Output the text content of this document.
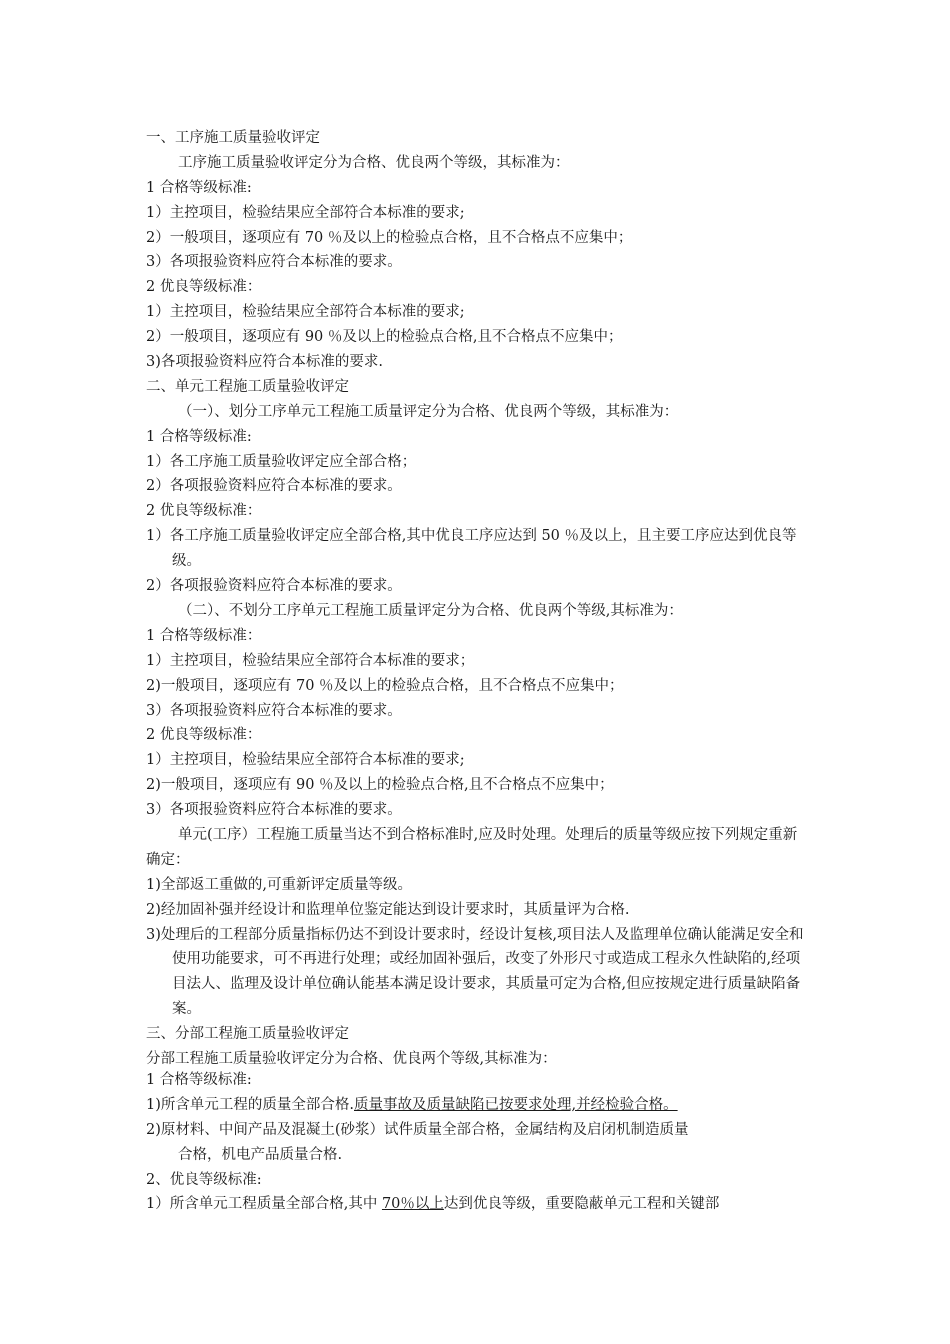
一、工序施工质量验收评定
工序施工质量验收评定分为合格、优良两个等级，其标准为：
1 合格等级标准:
1）主控项目，检验结果应全部符合本标准的要求;
2）一般项目，逐项应有 70 ％及以上的检验点合格，且不合格点不应集中；
3）各项报验资料应符合本标准的要求。
2 优良等级标准：
1）主控项目，检验结果应全部符合本标准的要求;
2）一般项目，逐项应有 90 ％及以上的检验点合格,且不合格点不应集中；
3)各项报验资料应符合本标准的要求.
二、单元工程施工质量验收评定
（一）、划分工序单元工程施工质量评定分为合格、优良两个等级，其标准为：
1 合格等级标准:
1）各工序施工质量验收评定应全部合格；
2）各项报验资料应符合本标准的要求。
2 优良等级标准：
1）各工序施工质量验收评定应全部合格,其中优良工序应达到 50 ％及以上，且主要工序应达到优良等级。
2）各项报验资料应符合本标准的要求。
（二）、不划分工序单元工程施工质量评定分为合格、优良两个等级,其标准为：
1 合格等级标准：
1）主控项目，检验结果应全部符合本标准的要求；
2)一般项目，逐项应有 70 ％及以上的检验点合格，且不合格点不应集中；
3）各项报验资料应符合本标准的要求。
2 优良等级标准：
1）主控项目，检验结果应全部符合本标准的要求;
2)一般项目，逐项应有 90 ％及以上的检验点合格,且不合格点不应集中；
3）各项报验资料应符合本标准的要求。
单元(工序）工程施工质量当达不到合格标准时,应及时处理。处理后的质量等级应按下列规定重新确定：
1)全部返工重做的,可重新评定质量等级。
2)经加固补强并经设计和监理单位鉴定能达到设计要求时，其质量评为合格.
3)处理后的工程部分质量指标仍达不到设计要求时，经设计复核,项目法人及监理单位确认能满足安全和使用功能要求，可不再进行处理；或经加固补强后，改变了外形尺寸或造成工程永久性缺陷的,经项目法人、监理及设计单位确认能基本满足设计要求，其质量可定为合格,但应按规定进行质量缺陷备案。
三、分部工程施工质量验收评定
分部工程施工质量验收评定分为合格、优良两个等级,其标准为：
1 合格等级标准:
1)所含单元工程的质量全部合格.质量事故及质量缺陷已按要求处理,并经检验合格。
2)原材料、中间产品及混凝土(砂浆）试件质量全部合格，金属结构及启闭机制造质量
合格，机电产品质量合格.
2、优良等级标准:
1）所含单元工程质量全部合格,其中 70％以上达到优良等级，重要隐蔽单元工程和关键部
